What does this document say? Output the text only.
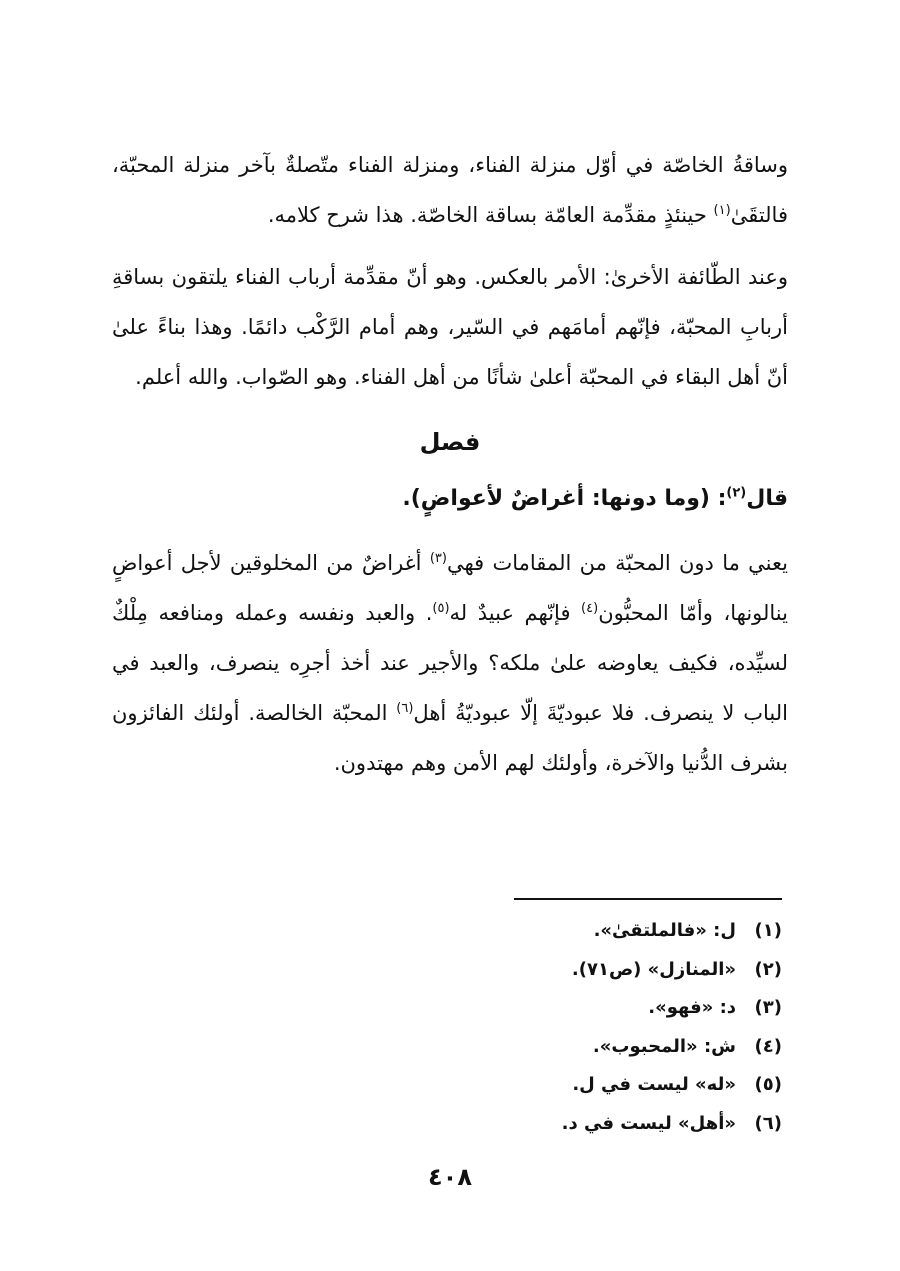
وساقةُ الخاصّة في أوّل منزلة الفناء، ومنزلة الفناء متّصلةٌ بآخر منزلة المحبّة، فالتقَىٰ$^{(١)}$ حينئذٍ مقدِّمة العامّة بساقة الخاصّة. هذا شرح كلامه.

وعند الطّائفة الأخرىٰ: الأمر بالعكس. وهو أنّ مقدِّمة أرباب الفناء يلتقون بساقةِ أربابِ المحبّة، فإنّهم أمامَهم في السّير، وهم أمام الرَّكْب دائمًا. وهذا بناءً علىٰ أنّ أهل البقاء في المحبّة أعلىٰ شأنًا من أهل الفناء. وهو الصّواب. والله أعلم.

فصل

قال$^{(٢)}$: (وما دونها: أغراضٌ لأعواضٍ).

يعني ما دون المحبّة من المقامات فهي$^{(٣)}$ أغراضٌ من المخلوقين لأجل أعواضٍ ينالونها، وأمّا المحبُّون$^{(٤)}$ فإنّهم عبيدٌ له$^{(٥)}$. والعبد ونفسه وعمله ومنافعه مِلْكٌ لسيِّده، فكيف يعاوضه علىٰ ملكه؟ والأجير عند أخذ أجرِه ينصرف، والعبد في الباب لا ينصرف. فلا عبوديّةَ إلّا عبوديّةُ أهل$^{(٦)}$ المحبّة الخالصة. أولئك الفائزون بشرف الدُّنيا والآخرة، وأولئك لهم الأمن وهم مهتدون.

(١)ل: «فالملتقىٰ».
(٢)«المنازل» (ص٧١).
(٣)د: «فهو».
(٤)ش: «المحبوب».
(٥)«له» ليست في ل.
(٦)«أهل» ليست في د.
٤٠٨
